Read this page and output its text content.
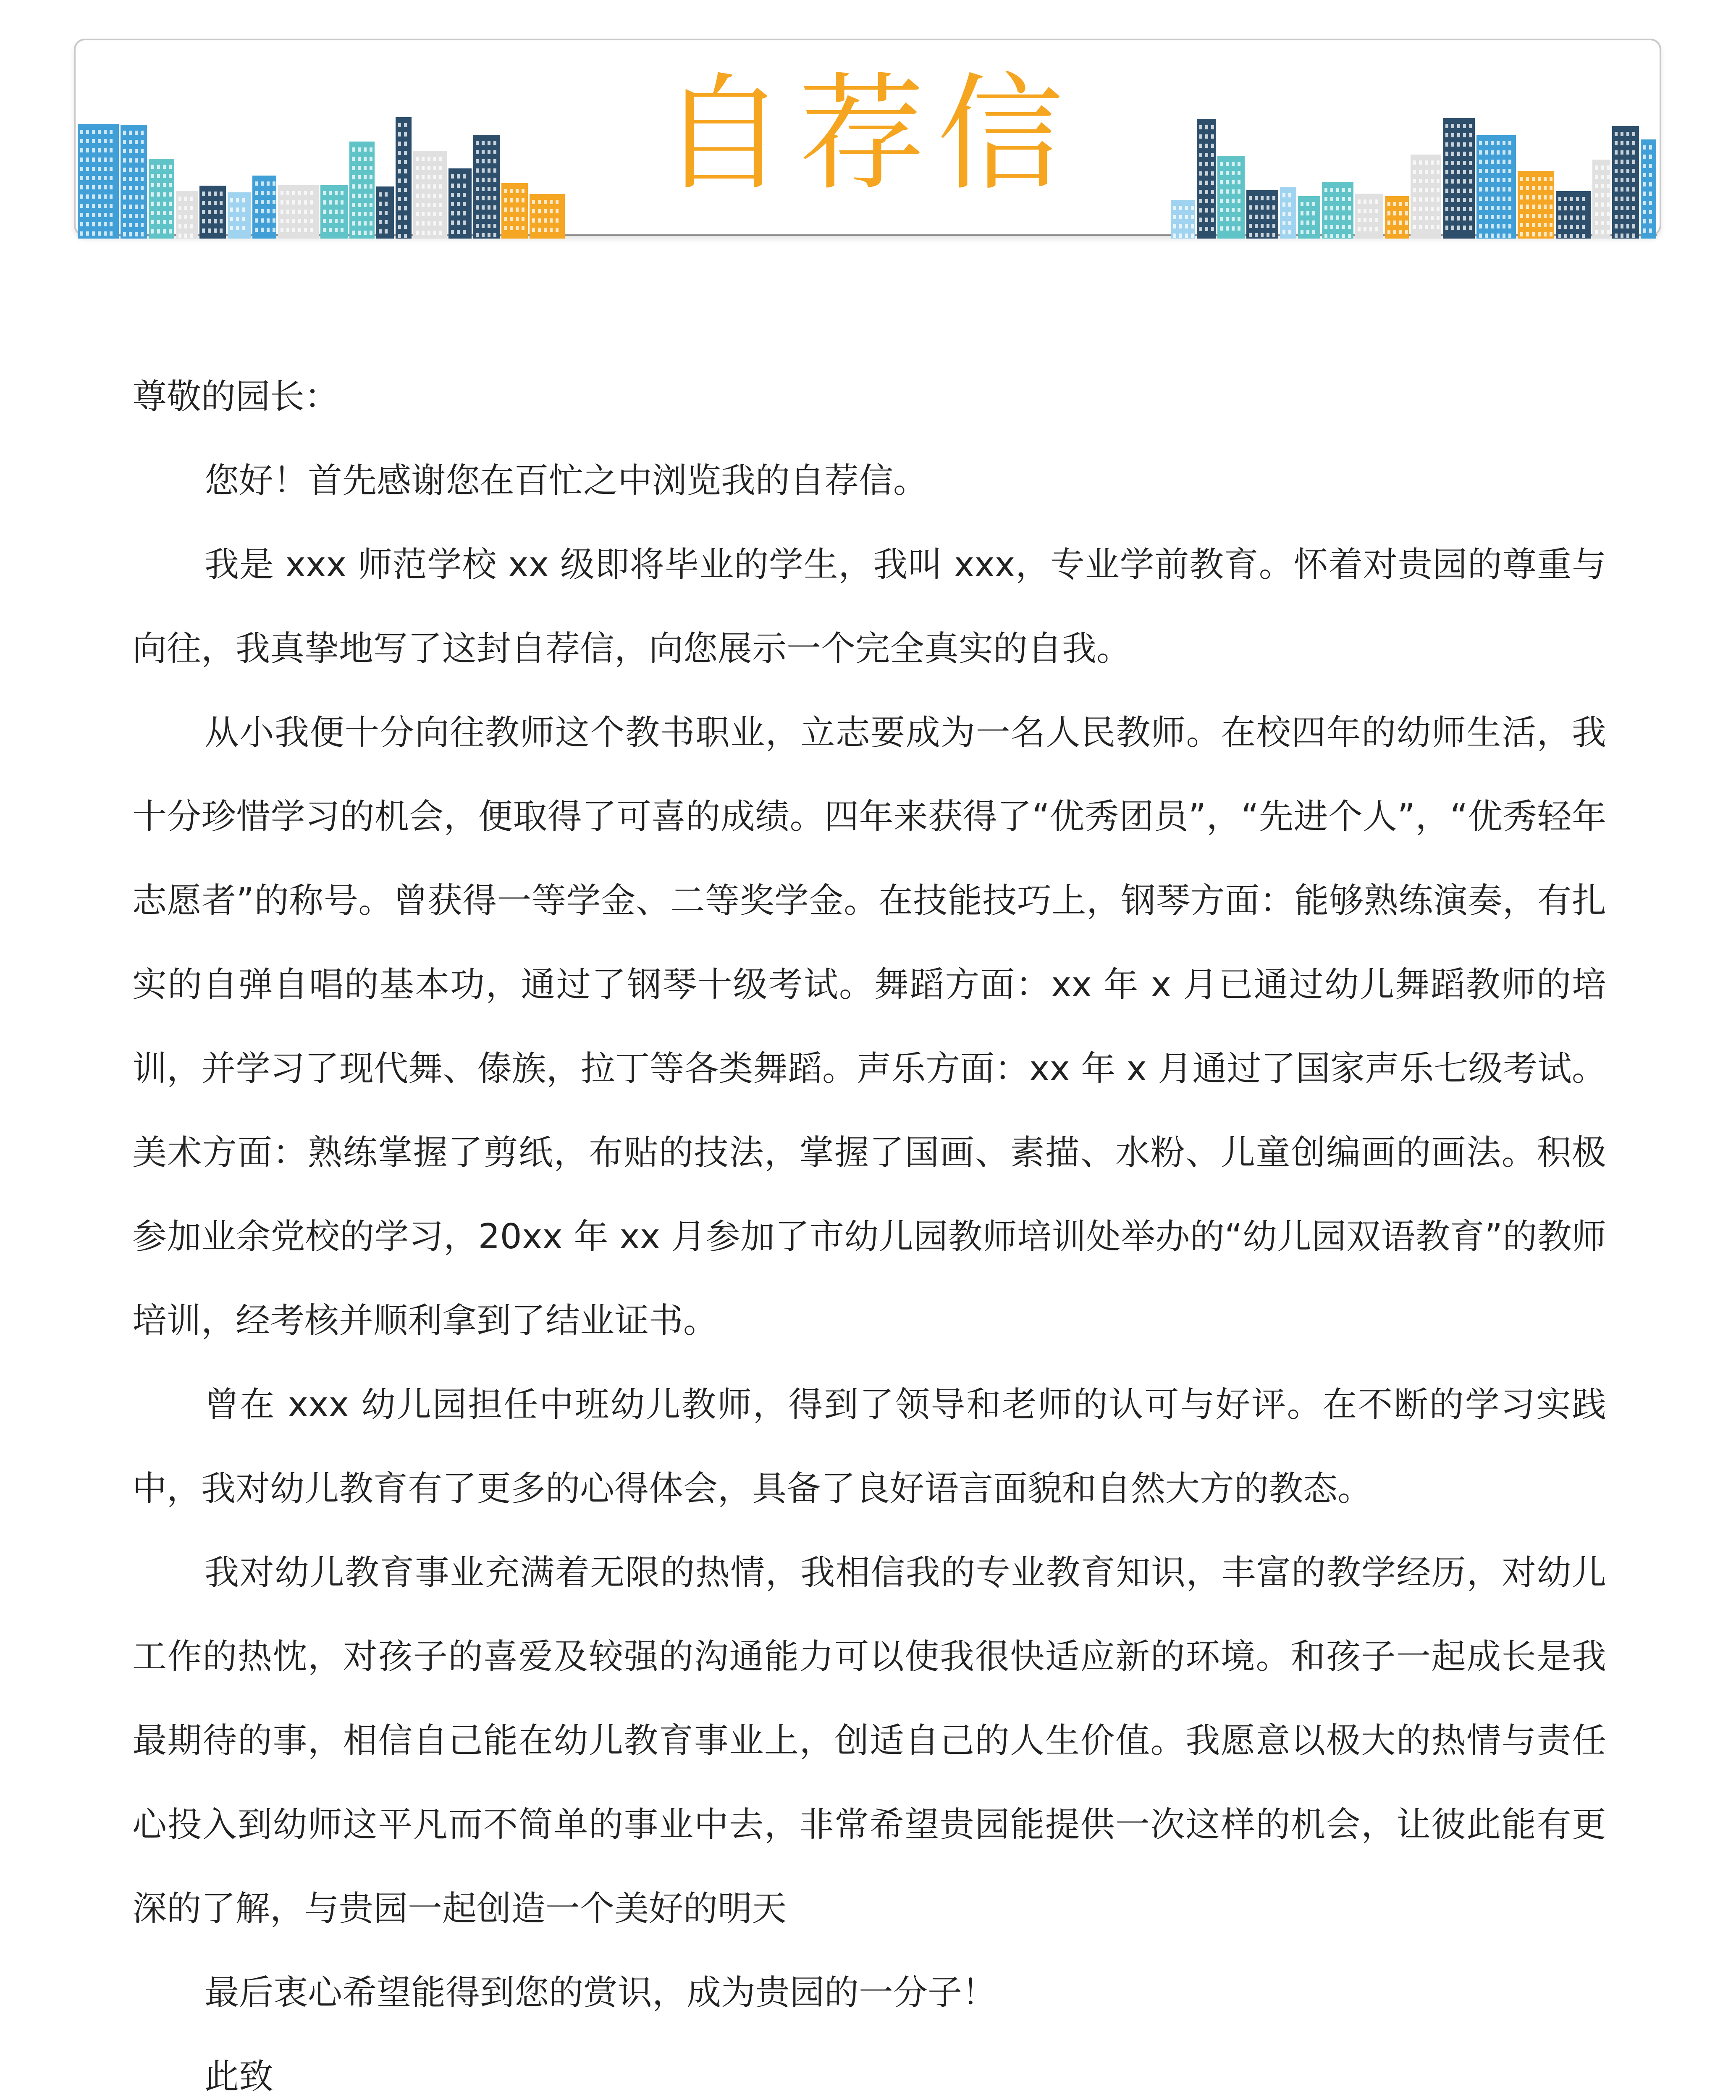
自荐信

尊敬的园长：

您好！首先感谢您在百忙之中浏览我的自荐信。

我是 xxx 师范学校 xx 级即将毕业的学生，我叫 xxx，专业学前教育。怀着对贵园的尊重与向往，我真挚地写了这封自荐信，向您展示一个完全真实的自我。

从小我便十分向往教师这个教书职业，立志要成为一名人民教师。在校四年的幼师生活，我十分珍惜学习的机会，便取得了可喜的成绩。四年来获得了“优秀团员”，“先进个人”，“优秀轻年志愿者”的称号。曾获得一等学金、二等奖学金。在技能技巧上，钢琴方面：能够熟练演奏，有扎实的自弹自唱的基本功，通过了钢琴十级考试。舞蹈方面：xx 年 x 月已通过幼儿舞蹈教师的培训，并学习了现代舞、傣族，拉丁等各类舞蹈。声乐方面：xx 年 x 月通过了国家声乐七级考试。美术方面：熟练掌握了剪纸，布贴的技法，掌握了国画、素描、水粉、儿童创编画的画法。积极参加业余党校的学习，20xx 年 xx 月参加了市幼儿园教师培训处举办的“幼儿园双语教育”的教师培训，经考核并顺利拿到了结业证书。

曾在 xxx 幼儿园担任中班幼儿教师，得到了领导和老师的认可与好评。在不断的学习实践中，我对幼儿教育有了更多的心得体会，具备了良好语言面貌和自然大方的教态。

我对幼儿教育事业充满着无限的热情，我相信我的专业教育知识，丰富的教学经历，对幼儿工作的热忱，对孩子的喜爱及较强的沟通能力可以使我很快适应新的环境。和孩子一起成长是我最期待的事，相信自己能在幼儿教育事业上，创适自己的人生价值。我愿意以极大的热情与责任心投入到幼师这平凡而不简单的事业中去，非常希望贵园能提供一次这样的机会，让彼此能有更深的了解，与贵园一起创造一个美好的明天

最后衷心希望能得到您的赏识，成为贵园的一分子！

此致
